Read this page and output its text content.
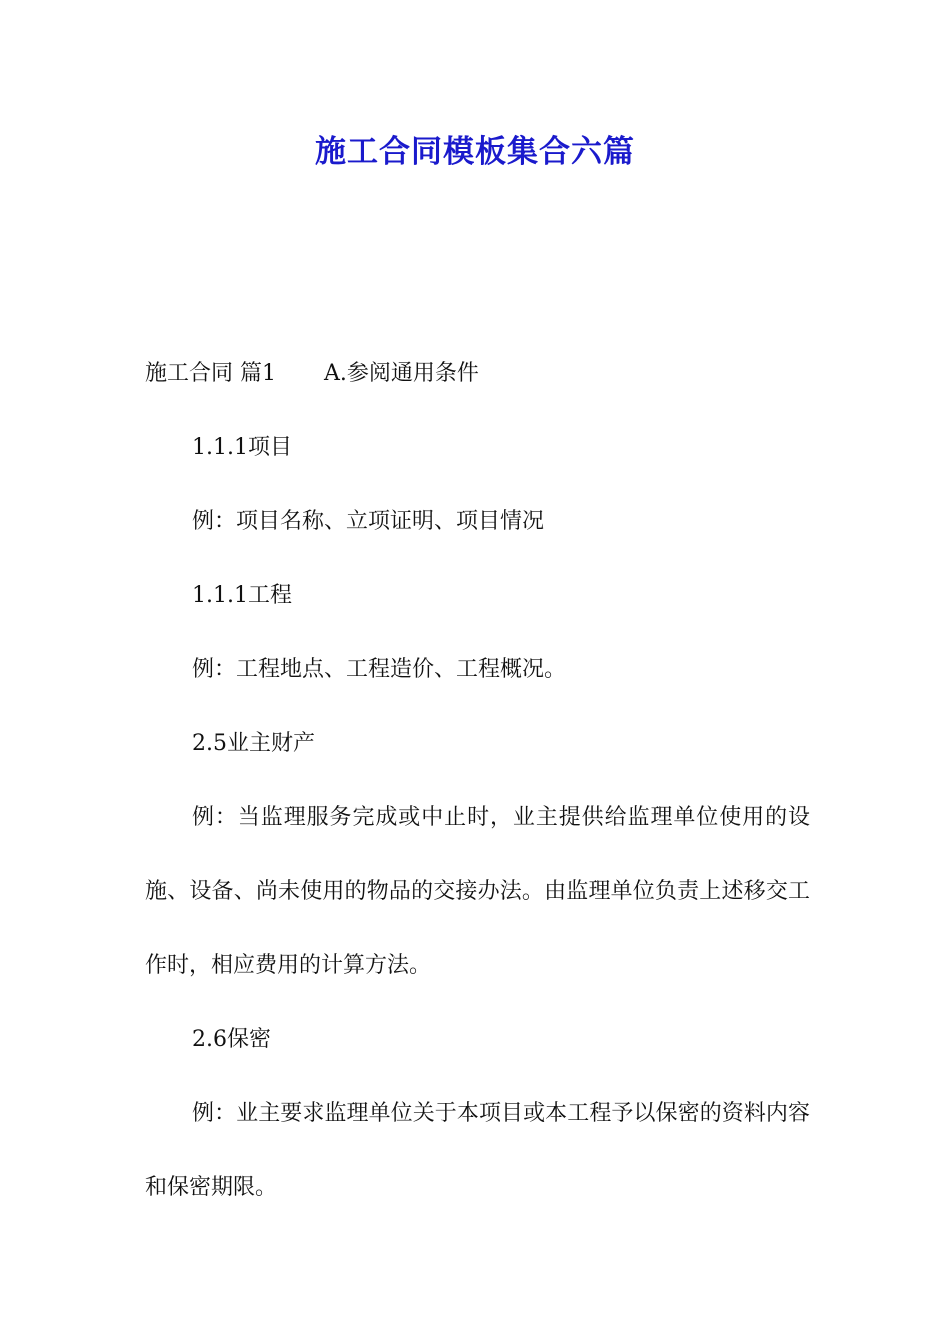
施工合同模板集合六篇
施工合同 篇1 A.参阅通用条件
1.1.1项目
例：项目名称、立项证明、项目情况
1.1.1工程
例：工程地点、工程造价、工程概况。
2.5业主财产
例：当监理服务完成或中止时，业主提供给监理单位使用的设施、设备、尚未使用的物品的交接办法。由监理单位负责上述移交工作时，相应费用的计算方法。
2.6保密
例：业主要求监理单位关于本项目或本工程予以保密的资料内容和保密期限。
